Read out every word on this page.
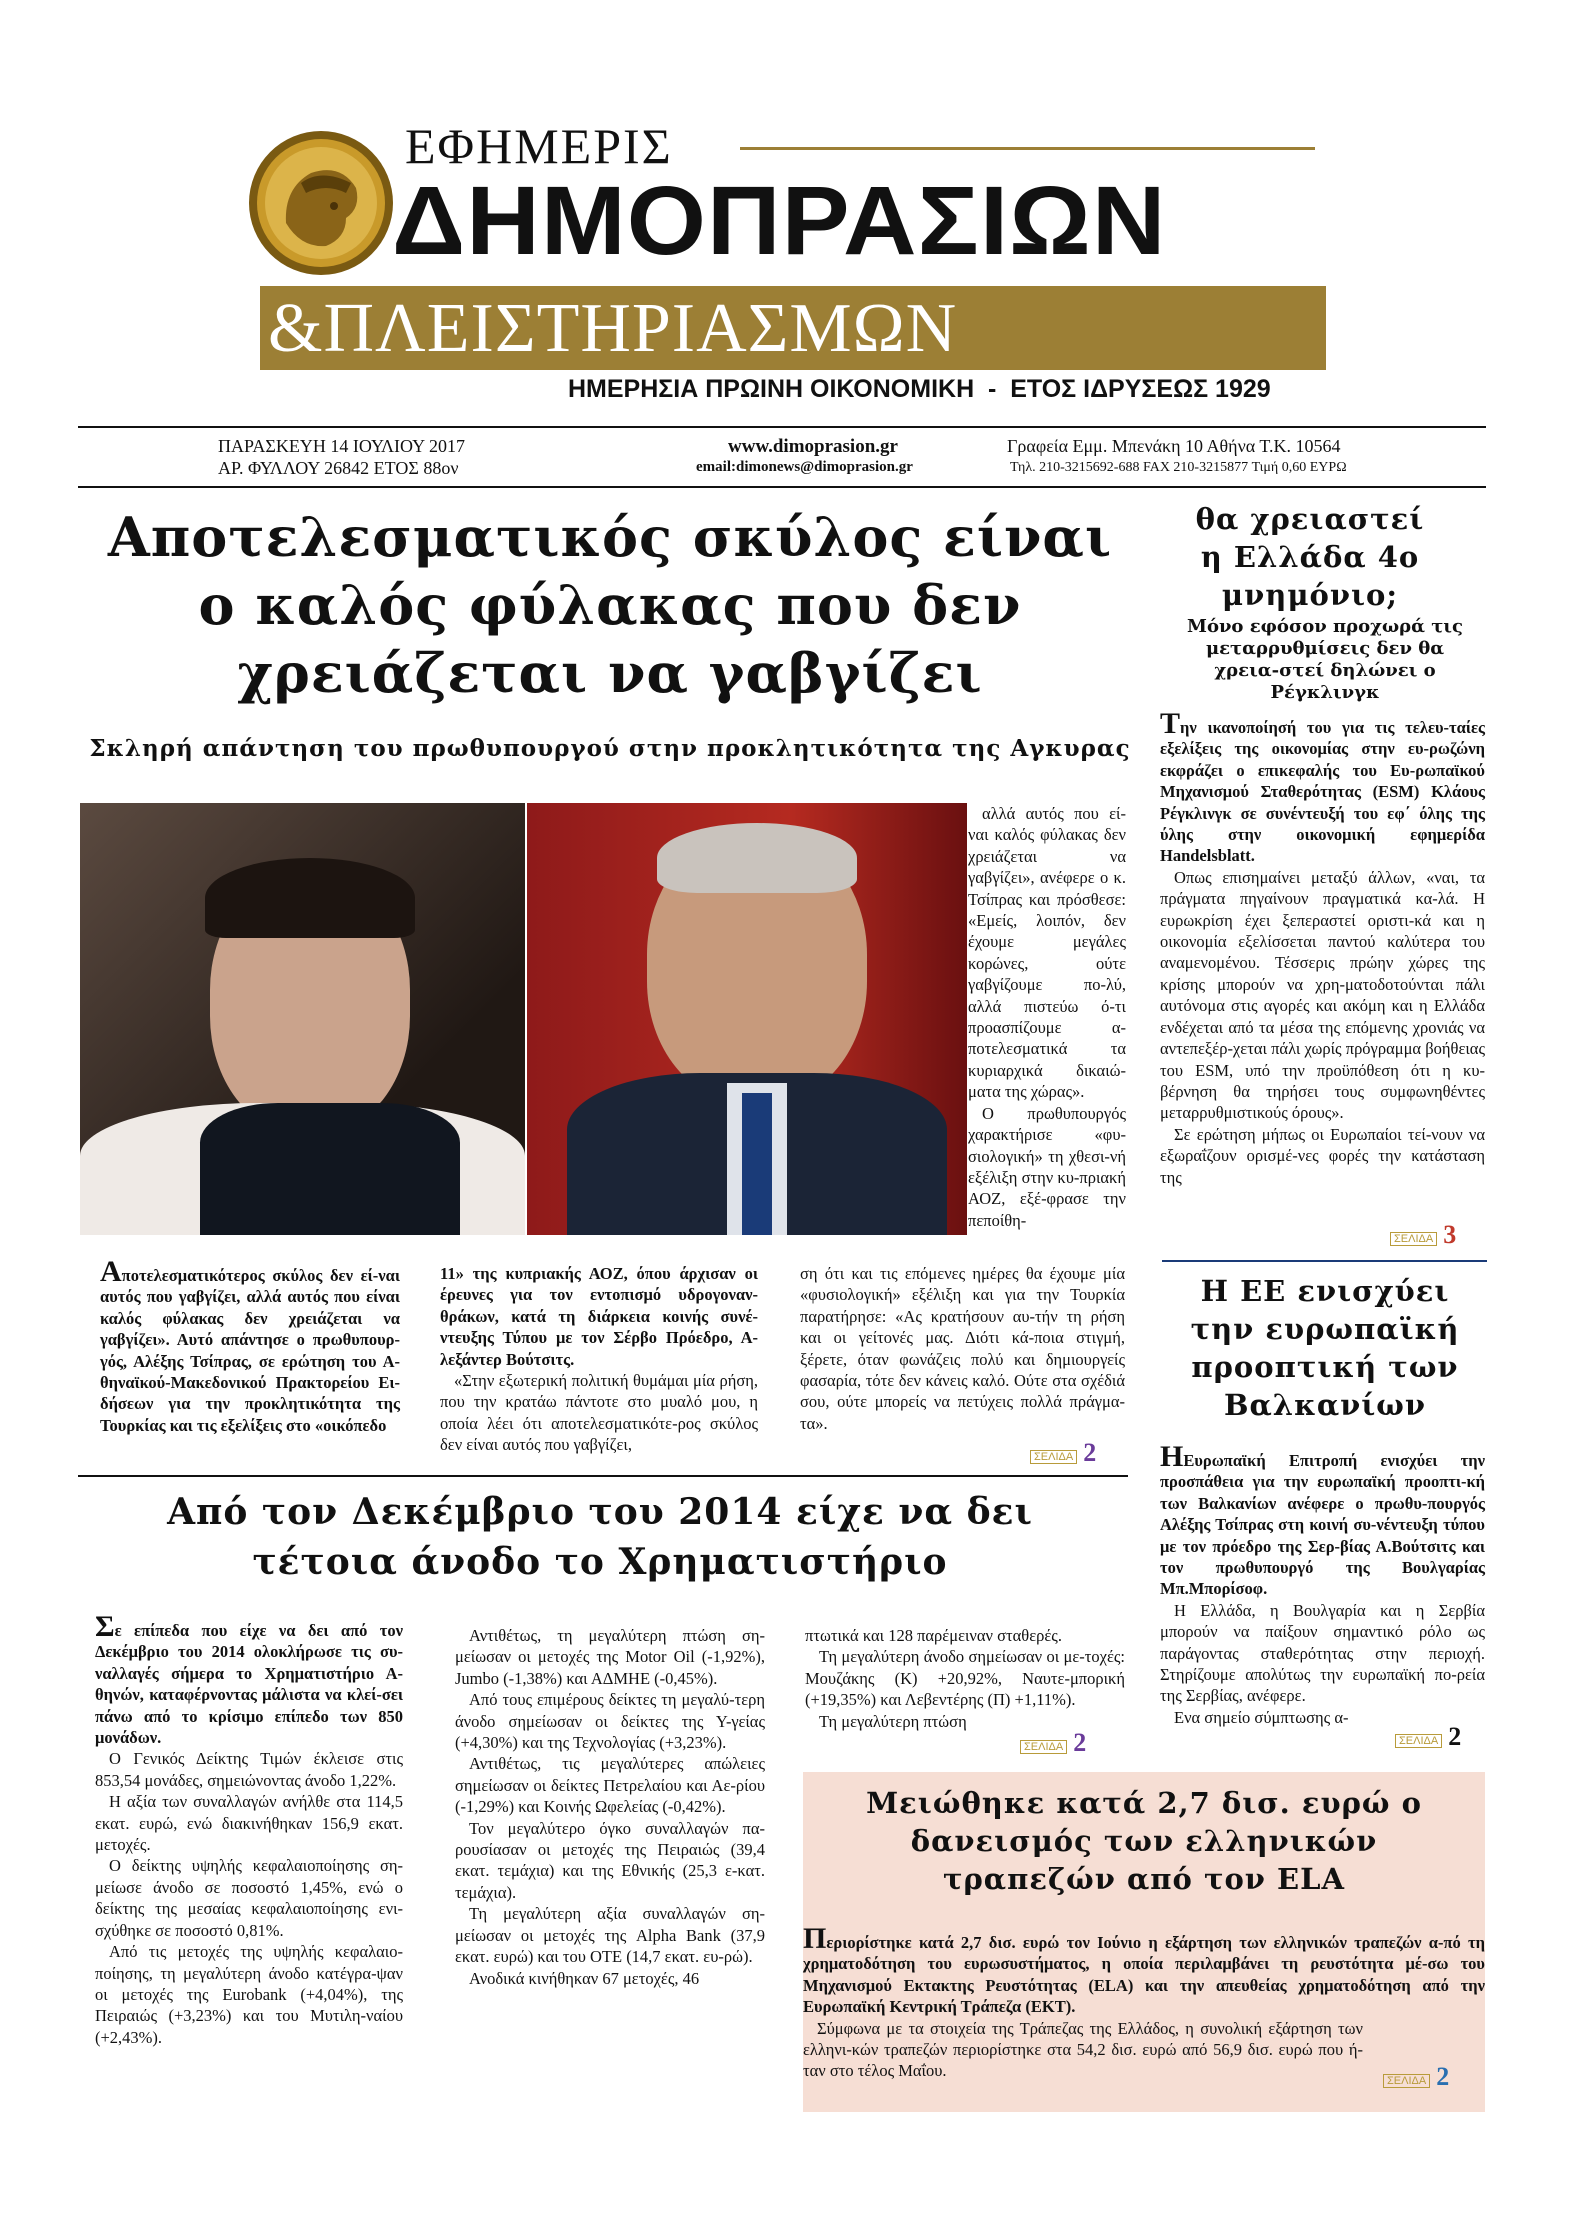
ΕΦΗΜΕΡΙΣ
ΔΗΜΟΠΡΑΣΙΩΝ
&ΠΛΕΙΣΤΗΡΙΑΣΜΩΝ
ΗΜΕΡΗΣΙΑ ΠΡΩΙΝΗ ΟΙΚΟΝΟΜΙΚΗ  -  ΕΤΟΣ ΙΔΡΥΣΕΩΣ 1929
ΠΑΡΑΣΚΕΥΗ 14 ΙΟΥΛΙΟΥ 2017
ΑΡ. ΦΥΛΛΟΥ 26842 ΕΤΟΣ 88ον
www.dimoprasion.gr
email:dimonews@dimoprasion.gr
Γραφεία Εμμ. Μπενάκη 10 Αθήνα Τ.Κ. 10564
Τηλ. 210-3215692-688 FAX 210-3215877 Τιμή 0,60 ΕΥΡΩ
Αποτελεσματικός σκύλος είναι ο καλός φύλακας που δεν χρειάζεται να γαβγίζει
Σκληρή απάντηση του πρωθυπουργού στην προκλητικότητα της Αγκυρας

αλλά αυτός που εί-ναι καλός φύλακας δεν χρειάζεται να γαβγίζει», ανέφερε ο κ. Τσίπρας και πρόσθεσε: «Εμείς, λοιπόν, δεν έχουμε μεγάλες κορώνες, ούτε γαβγίζουμε πο-λύ, αλλά πιστεύω ό-τι προασπίζουμε α-ποτελεσματικά τα κυριαρχικά δικαιώ-ματα της χώρας».

Ο πρωθυπουργός χαρακτήρισε «φυ-σιολογική» τη χθεσι-νή εξέλιξη στην κυ-πριακή ΑΟΖ, εξέ-φρασε την πεποίθη-

Αποτελεσματικότερος σκύλος δεν εί-ναι αυτός που γαβγίζει, αλλά αυτός που είναι καλός φύλακας δεν χρειάζεται να γαβγίζει». Αυτό απάντησε ο πρωθυπουρ-γός, Αλέξης Τσίπρας, σε ερώτηση του Α-θηναϊκού-Μακεδονικού Πρακτορείου Ει-δήσεων για την προκλητικότητα της Τουρκίας και τις εξελίξεις στο «οικόπεδο

11» της κυπριακής ΑΟΖ, όπου άρχισαν οι έρευνες για τον εντοπισμό υδρογοναν-θράκων, κατά τη διάρκεια κοινής συνέ-ντευξης Τύπου με τον Σέρβο Πρόεδρο, Α-λεξάντερ Βούτσιτς.

«Στην εξωτερική πολιτική θυμάμαι μία ρήση, που την κρατάω πάντοτε στο μυαλό μου, η οποία λέει ότι αποτελεσματικότε-ρος σκύλος δεν είναι αυτός που γαβγίζει,

ση ότι και τις επόμενες ημέρες θα έχουμε μία «φυσιολογική» εξέλιξη και για την Τουρκία παρατήρησε: «Ας κρατήσουν αυ-τήν τη ρήση και οι γείτονές μας. Διότι κά-ποια στιγμή, ξέρετε, όταν φωνάζεις πολύ και δημιουργείς φασαρία, τότε δεν κάνεις καλό. Ούτε στα σχέδιά σου, ούτε μπορείς να πετύχεις πολλά πράγμα-τα».

ΣΕΛΙΔΑ 2
Από τον Δεκέμβριο του 2014 είχε να δει τέτοια άνοδο το Χρηματιστήριο

Σε επίπεδα που είχε να δει από τον Δεκέμβριο του 2014 ολοκλήρωσε τις συ-ναλλαγές σήμερα το Χρηματιστήριο Α-θηνών, καταφέρνοντας μάλιστα να κλεί-σει πάνω από το κρίσιμο επίπεδο των 850 μονάδων.

Ο Γενικός Δείκτης Τιμών έκλεισε στις 853,54 μονάδες, σημειώνοντας άνοδο 1,22%.

Η αξία των συναλλαγών ανήλθε στα 114,5 εκατ. ευρώ, ενώ διακινήθηκαν 156,9 εκατ. μετοχές.

Ο δείκτης υψηλής κεφαλαιοποίησης ση-μείωσε άνοδο σε ποσοστό 1,45%, ενώ ο δείκτης της μεσαίας κεφαλαιοποίησης ενι-σχύθηκε σε ποσοστό 0,81%.

Από τις μετοχές της υψηλής κεφαλαιο-ποίησης, τη μεγαλύτερη άνοδο κατέγρα-ψαν οι μετοχές της Eurobank (+4,04%), της Πειραιώς (+3,23%) και του Μυτιλη-ναίου (+2,43%).

Αντιθέτως, τη μεγαλύτερη πτώση ση-μείωσαν οι μετοχές της Motor Oil (-1,92%), Jumbo (-1,38%) και ΑΔΜΗΕ (-0,45%).

Από τους επιμέρους δείκτες τη μεγαλύ-τερη άνοδο σημείωσαν οι δείκτες της Υ-γείας (+4,30%) και της Τεχνολογίας (+3,23%).

Αντιθέτως, τις μεγαλύτερες απώλειες σημείωσαν οι δείκτες Πετρελαίου και Αε-ρίου (-1,29%) και Κοινής Ωφελείας (-0,42%).

Τον μεγαλύτερο όγκο συναλλαγών πα-ρουσίασαν οι μετοχές της Πειραιώς (39,4 εκατ. τεμάχια) και της Εθνικής (25,3 ε-κατ. τεμάχια).

Τη μεγαλύτερη αξία συναλλαγών ση-μείωσαν οι μετοχές της Alpha Bank (37,9 εκατ. ευρώ) και του ΟΤΕ (14,7 εκατ. ευ-ρώ).

Ανοδικά κινήθηκαν 67 μετοχές, 46

πτωτικά και 128 παρέμειναν σταθερές.

Τη μεγαλύτερη άνοδο σημείωσαν οι με-τοχές: Μουζάκης (Κ) +20,92%, Ναυτε-μπορική (+19,35%) και Λεβεντέρης (Π) +1,11%).

Τη μεγαλύτερη πτώση

ΣΕΛΙΔΑ 2
θα χρειαστεί η Ελλάδα 4ο μνημόνιο;
Μόνο εφόσον προχωρά τις μεταρρυθμίσεις δεν θα χρεια-στεί δηλώνει ο Ρέγκλινγκ

Την ικανοποίησή του για τις τελευ-ταίες εξελίξεις της οικονομίας στην ευ-ρωζώνη εκφράζει ο επικεφαλής του Ευ-ρωπαϊκού Μηχανισμού Σταθερότητας (ESM) Κλάους Ρέγκλινγκ σε συνέντευξή του εφ΄ όλης της ύλης στην οικονομική εφημερίδα Handelsblatt.

Οπως επισημαίνει μεταξύ άλλων, «ναι, τα πράγματα πηγαίνουν πραγματικά κα-λά. Η ευρωκρίση έχει ξεπεραστεί οριστι-κά και η οικονομία εξελίσσεται παντού καλύτερα του αναμενομένου. Τέσσερις πρώην χώρες της κρίσης μπορούν να χρη-ματοδοτούνται πάλι αυτόνομα στις αγορές και ακόμη και η Ελλάδα ενδέχεται από τα μέσα της επόμενης χρονιάς να αντεπεξέρ-χεται πάλι χωρίς πρόγραμμα βοήθειας του ESM, υπό την προϋπόθεση ότι η κυ-βέρνηση θα τηρήσει τους συμφωνηθέντες μεταρρυθμιστικούς όρους».

Σε ερώτηση μήπως οι Ευρωπαίοι τεί-νουν να εξωραΐζουν ορισμέ-νες φορές την κατάσταση της

ΣΕΛΙΔΑ 3
Η ΕΕ ενισχύει την ευρωπαϊκή προοπτική των Βαλκανίων

ΗΕυρωπαϊκή Επιτροπή ενισχύει την προσπάθεια για την ευρωπαϊκή προοπτι-κή των Βαλκανίων ανέφερε ο πρωθυ-πουργός Αλέξης Τσίπρας στη κοινή συ-νέντευξη τύπου με τον πρόεδρο της Σερ-βίας Α.Βούτσιτς και τον πρωθυπουργό της Βουλγαρίας Μπ.Μπορίσοφ.

Η Ελλάδα, η Βουλγαρία και η Σερβία μπορούν να παίξουν σημαντικό ρόλο ως παράγοντας σταθερότητας στην περιοχή. Στηρίζουμε απολύτως την ευρωπαϊκή πο-ρεία της Σερβίας, ανέφερε.

Ενα σημείο σύμπτωσης α-

ΣΕΛΙΔΑ 2
Μειώθηκε κατά 2,7 δισ. ευρώ ο δανεισμός των ελληνικών τραπεζών από τον ELA

Περιορίστηκε κατά 2,7 δισ. ευρώ τον Ιούνιο η εξάρτηση των ελληνικών τραπεζών α-πό τη χρηματοδότηση του ευρωσυστήματος, η οποία περιλαμβάνει τη ρευστότητα μέ-σω του Μηχανισμού Εκτακτης Ρευστότητας (ELA) και την απευθείας χρηματοδότηση από την Ευρωπαϊκή Κεντρική Τράπεζα (ΕΚΤ).

Σύμφωνα με τα στοιχεία της Τράπεζας της Ελλάδος, η συνολική εξάρτηση των ελληνι-κών τραπεζών περιορίστηκε στα 54,2 δισ. ευρώ από 56,9 δισ. ευρώ που ή-ταν στο τέλος Μαΐου.

ΣΕΛΙΔΑ 2
